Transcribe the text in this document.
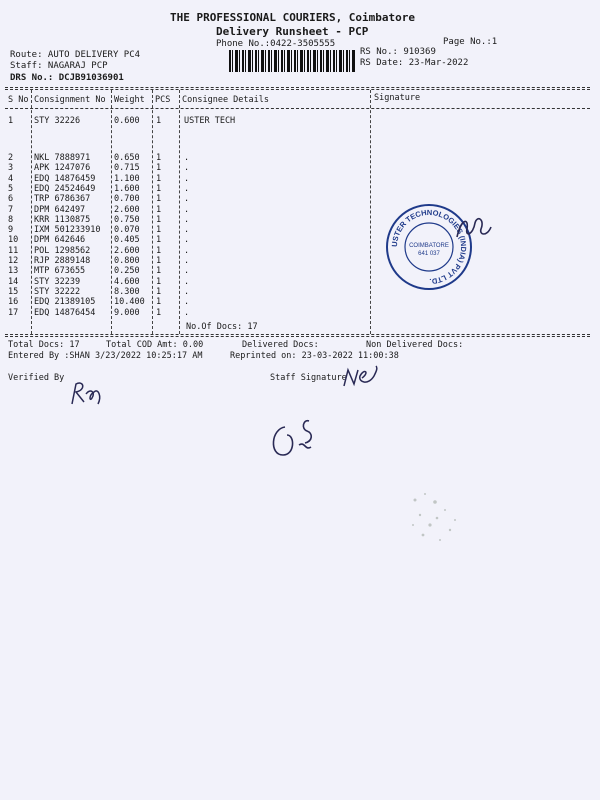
THE PROFESSIONAL COURIERS, Coimbatore
Delivery Runsheet - PCP
Phone No.:0422-3505555	Page No.:1
Route: AUTO DELIVERY PC4
Staff: NAGARAJ PCP
DRS No.: DCJB91036901
RS No.: 910369
RS Date: 23-Mar-2022
S No Consignment No Weight PCS Consignee Details	Signature
1 STY 32226	0.600 1	USTER TECH
2 NKL 7888971	0.650 1	.
3 APK 1247076	0.715 1	.
4 EDQ 14876459 1.100 1	.
5 EDQ 24524649 1.600 1	.
6 TRP 6786367	0.700 1	.
7 DPM 642497	2.600 1	.
8 KRR 1130875	0.750 1	.
9 IXM 501233910 0.070 1	.
10 DPM 642646	0.405 1	.
11 POL 1298562	2.600 1	.
12 RJP 2889148	0.800 1	.
13 MTP 673655	0.250 1	.
14 STY 32239	4.600 1	.
15 STY 32222	8.300 1	.
16 EDQ 21389105 10.400 1	.
17 EDQ 14876454 9.000 1	.
No.Of Docs: 17
Total Docs: 17	Total COD Amt: 0.00	Delivered Docs:	Non Delivered Docs:
Entered By :SHAN 3/23/2022 10:25:17 AM	Reprinted on: 23-03-2022 11:00:38
Verified By	Staff Signature
USTER TECHNOLOGIES (INDIA) PVT LTD.
COIMBATORE
641 037
